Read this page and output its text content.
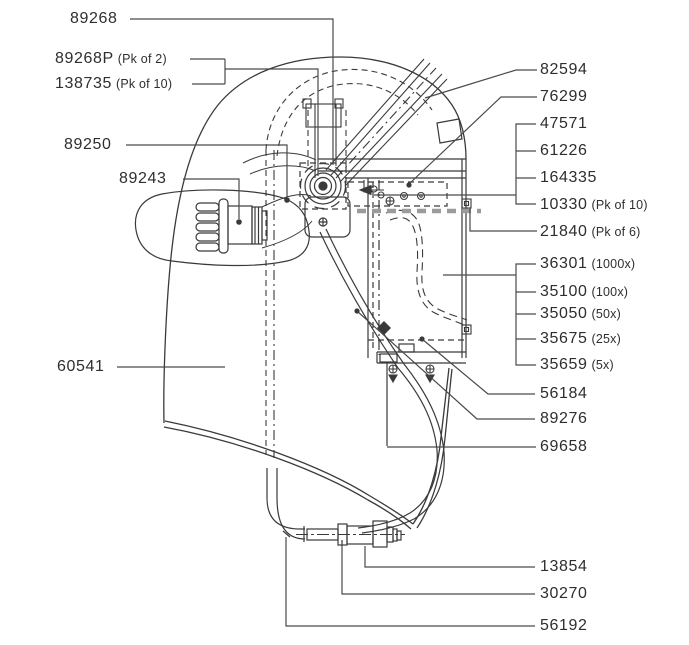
89268
89268P (Pk of 2)
138735 (Pk of 10)
89250
89243
60541
82594
76299
47571
61226
164335
10330 (Pk of 10)
21840 (Pk of 6)
36301 (1000x)
35100 (100x)
35050 (50x)
35675 (25x)
35659 (5x)
56184
89276
69658
13854
30270
56192
